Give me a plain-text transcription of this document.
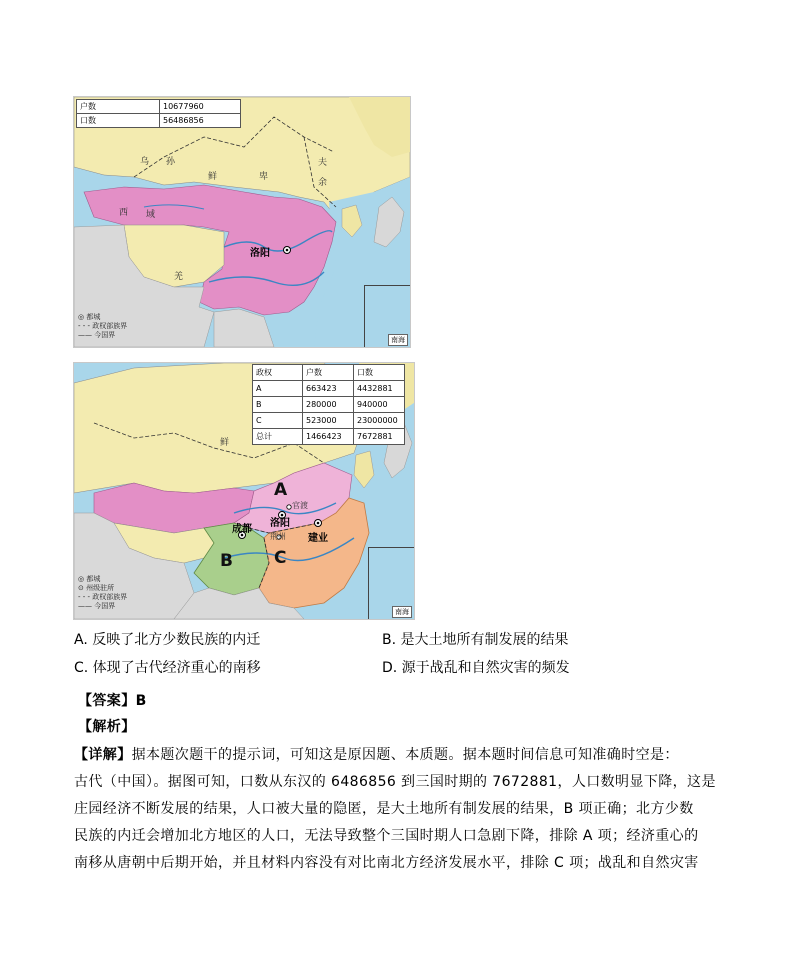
户数	10677960
口数	56486856
乌 孙
鲜	卑
夫
余
西 域
羌
洛阳
◎ 都城
- - - 政权部族界
—— 今国界
南海
政权	户数	口数
A	663423	4432881
B	280000	940000
C	523000	23000000
总计	1466423	7672881
鲜
A
B C
成都
洛阳
官渡
荆州 建业
◎ 都城
⊙ 州级驻所
- - - 政权部族界
—— 今国界
南海
A. 反映了北方少数民族的内迁	B. 是大土地所有制发展的结果
C. 体现了古代经济重心的南移	D. 源于战乱和自然灾害的频发
【答案】B
【解析】
【详解】据本题次题干的提示词，可知这是原因题、本质题。据本题时间信息可知准确时空是：
古代（中国）。据图可知，口数从东汉的 6486856 到三国时期的 7672881，人口数明显下降，这是
庄园经济不断发展的结果，人口被大量的隐匿，是大土地所有制发展的结果，B 项正确；北方少数
民族的内迁会增加北方地区的人口，无法导致整个三国时期人口急剧下降，排除 A 项；经济重心的
南移从唐朝中后期开始，并且材料内容没有对比南北方经济发展水平，排除 C 项；战乱和自然灾害
